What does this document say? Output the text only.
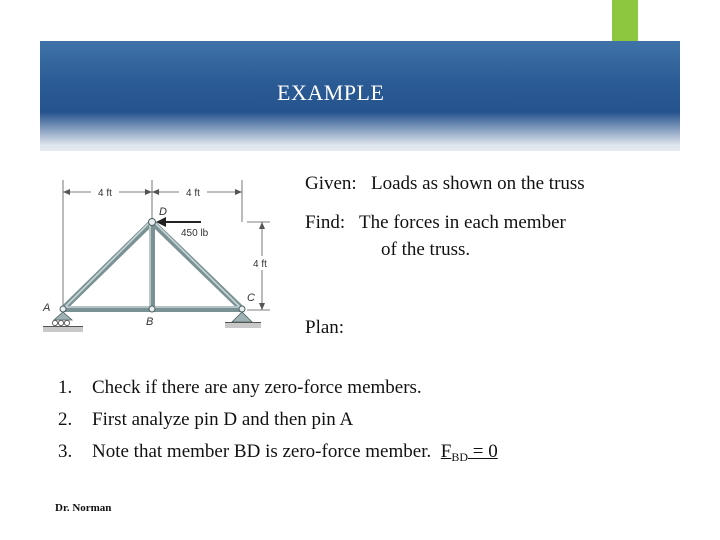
EXAMPLE
4 ft	4 ft
4 ft
450 lb
D
B
A
C
Given: Loads as shown on the truss
Find: The forces in each member
of the truss.
Plan:
1. Check if there are any zero-force members.
2. First analyze pin D and then pin A
3. Note that member BD is zero-force member. $F_{BD} = 0$
Dr. Norman
